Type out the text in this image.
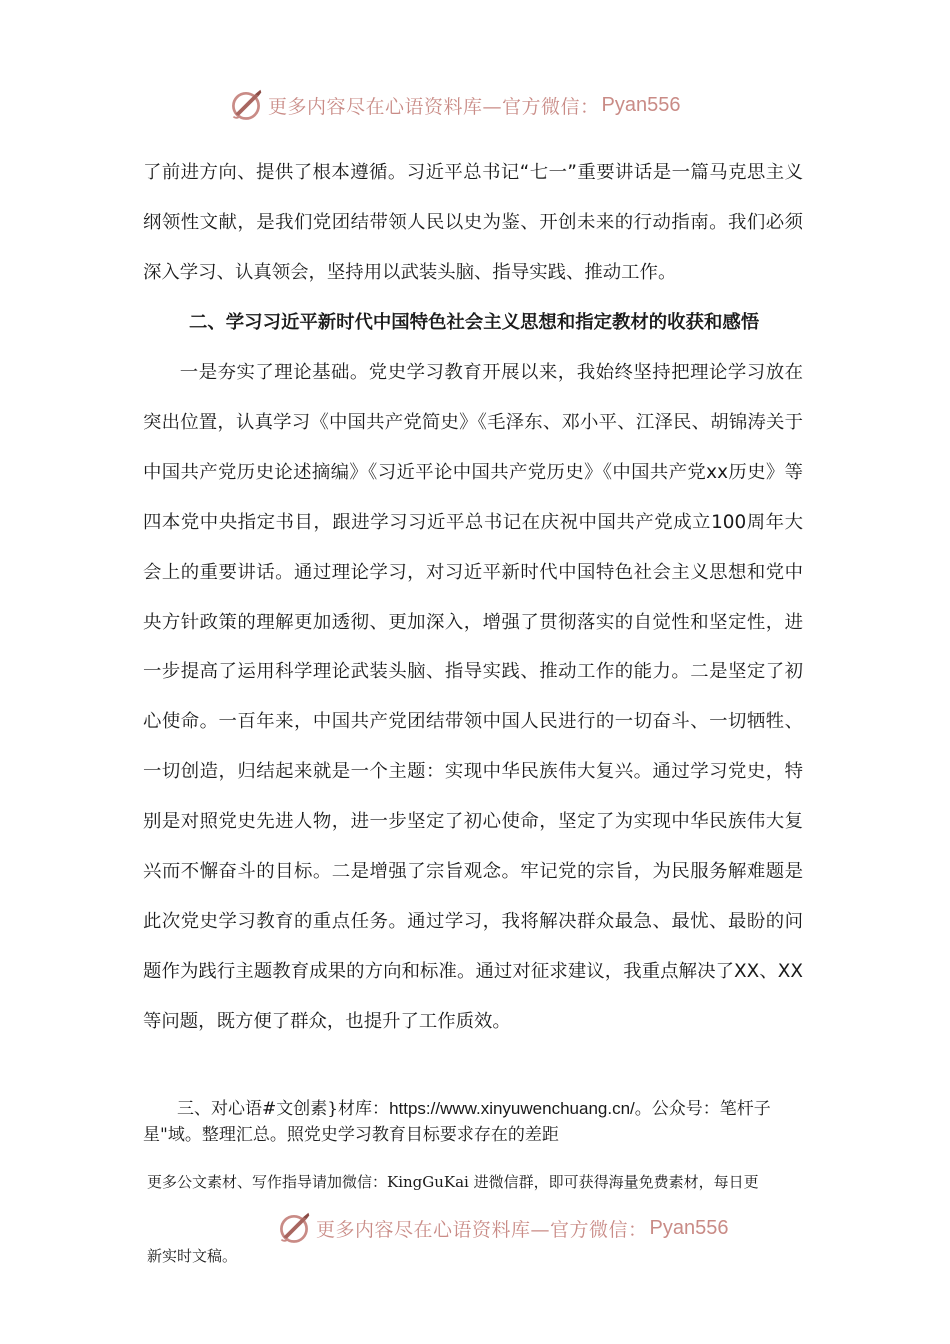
更多内容尽在心语资料库—官方微信： Pyan556

了前进方向、提供了根本遵循。习近平总书记“七一”重要讲话是一篇马克思主义纲领性文献，是我们党团结带领人民以史为鉴、开创未来的行动指南。我们必须深入学习、认真领会，坚持用以武装头脑、指导实践、推动工作。

二、学习习近平新时代中国特色社会主义思想和指定教材的收获和感悟

一是夯实了理论基础。党史学习教育开展以来，我始终坚持把理论学习放在突出位置，认真学习《中国共产党简史》《毛泽东、邓小平、江泽民、胡锦涛关于中国共产党历史论述摘编》《习近平论中国共产党历史》《中国共产党xx历史》等四本党中央指定书目，跟进学习习近平总书记在庆祝中国共产党成立100周年大会上的重要讲话。通过理论学习，对习近平新时代中国特色社会主义思想和党中央方针政策的理解更加透彻、更加深入，增强了贯彻落实的自觉性和坚定性，进一步提高了运用科学理论武装头脑、指导实践、推动工作的能力。二是坚定了初心使命。一百年来，中国共产党团结带领中国人民进行的一切奋斗、一切牺牲、一切创造，归结起来就是一个主题：实现中华民族伟大复兴。通过学习党史，特别是对照党史先进人物，进一步坚定了初心使命，坚定了为实现中华民族伟大复兴而不懈奋斗的目标。二是增强了宗旨观念。牢记党的宗旨，为民服务解难题是此次党史学习教育的重点任务。通过学习，我将解决群众最急、最忧、最盼的问题作为践行主题教育成果的方向和标准。通过对征求建议，我重点解决了XX、XX等问题，既方便了群众，也提升了工作质效。

三、对心语#文创素}材库：https://www.xinyuwenchuang.cn/。公众号：笔杆子星"域。整理汇总。照党史学习教育目标要求存在的差距

更多公文素材、写作指导请加微信：KingGuKai 进微信群，即可获得海量免费素材，每日更
更多内容尽在心语资料库—官方微信： Pyan556
新实时文稿。
